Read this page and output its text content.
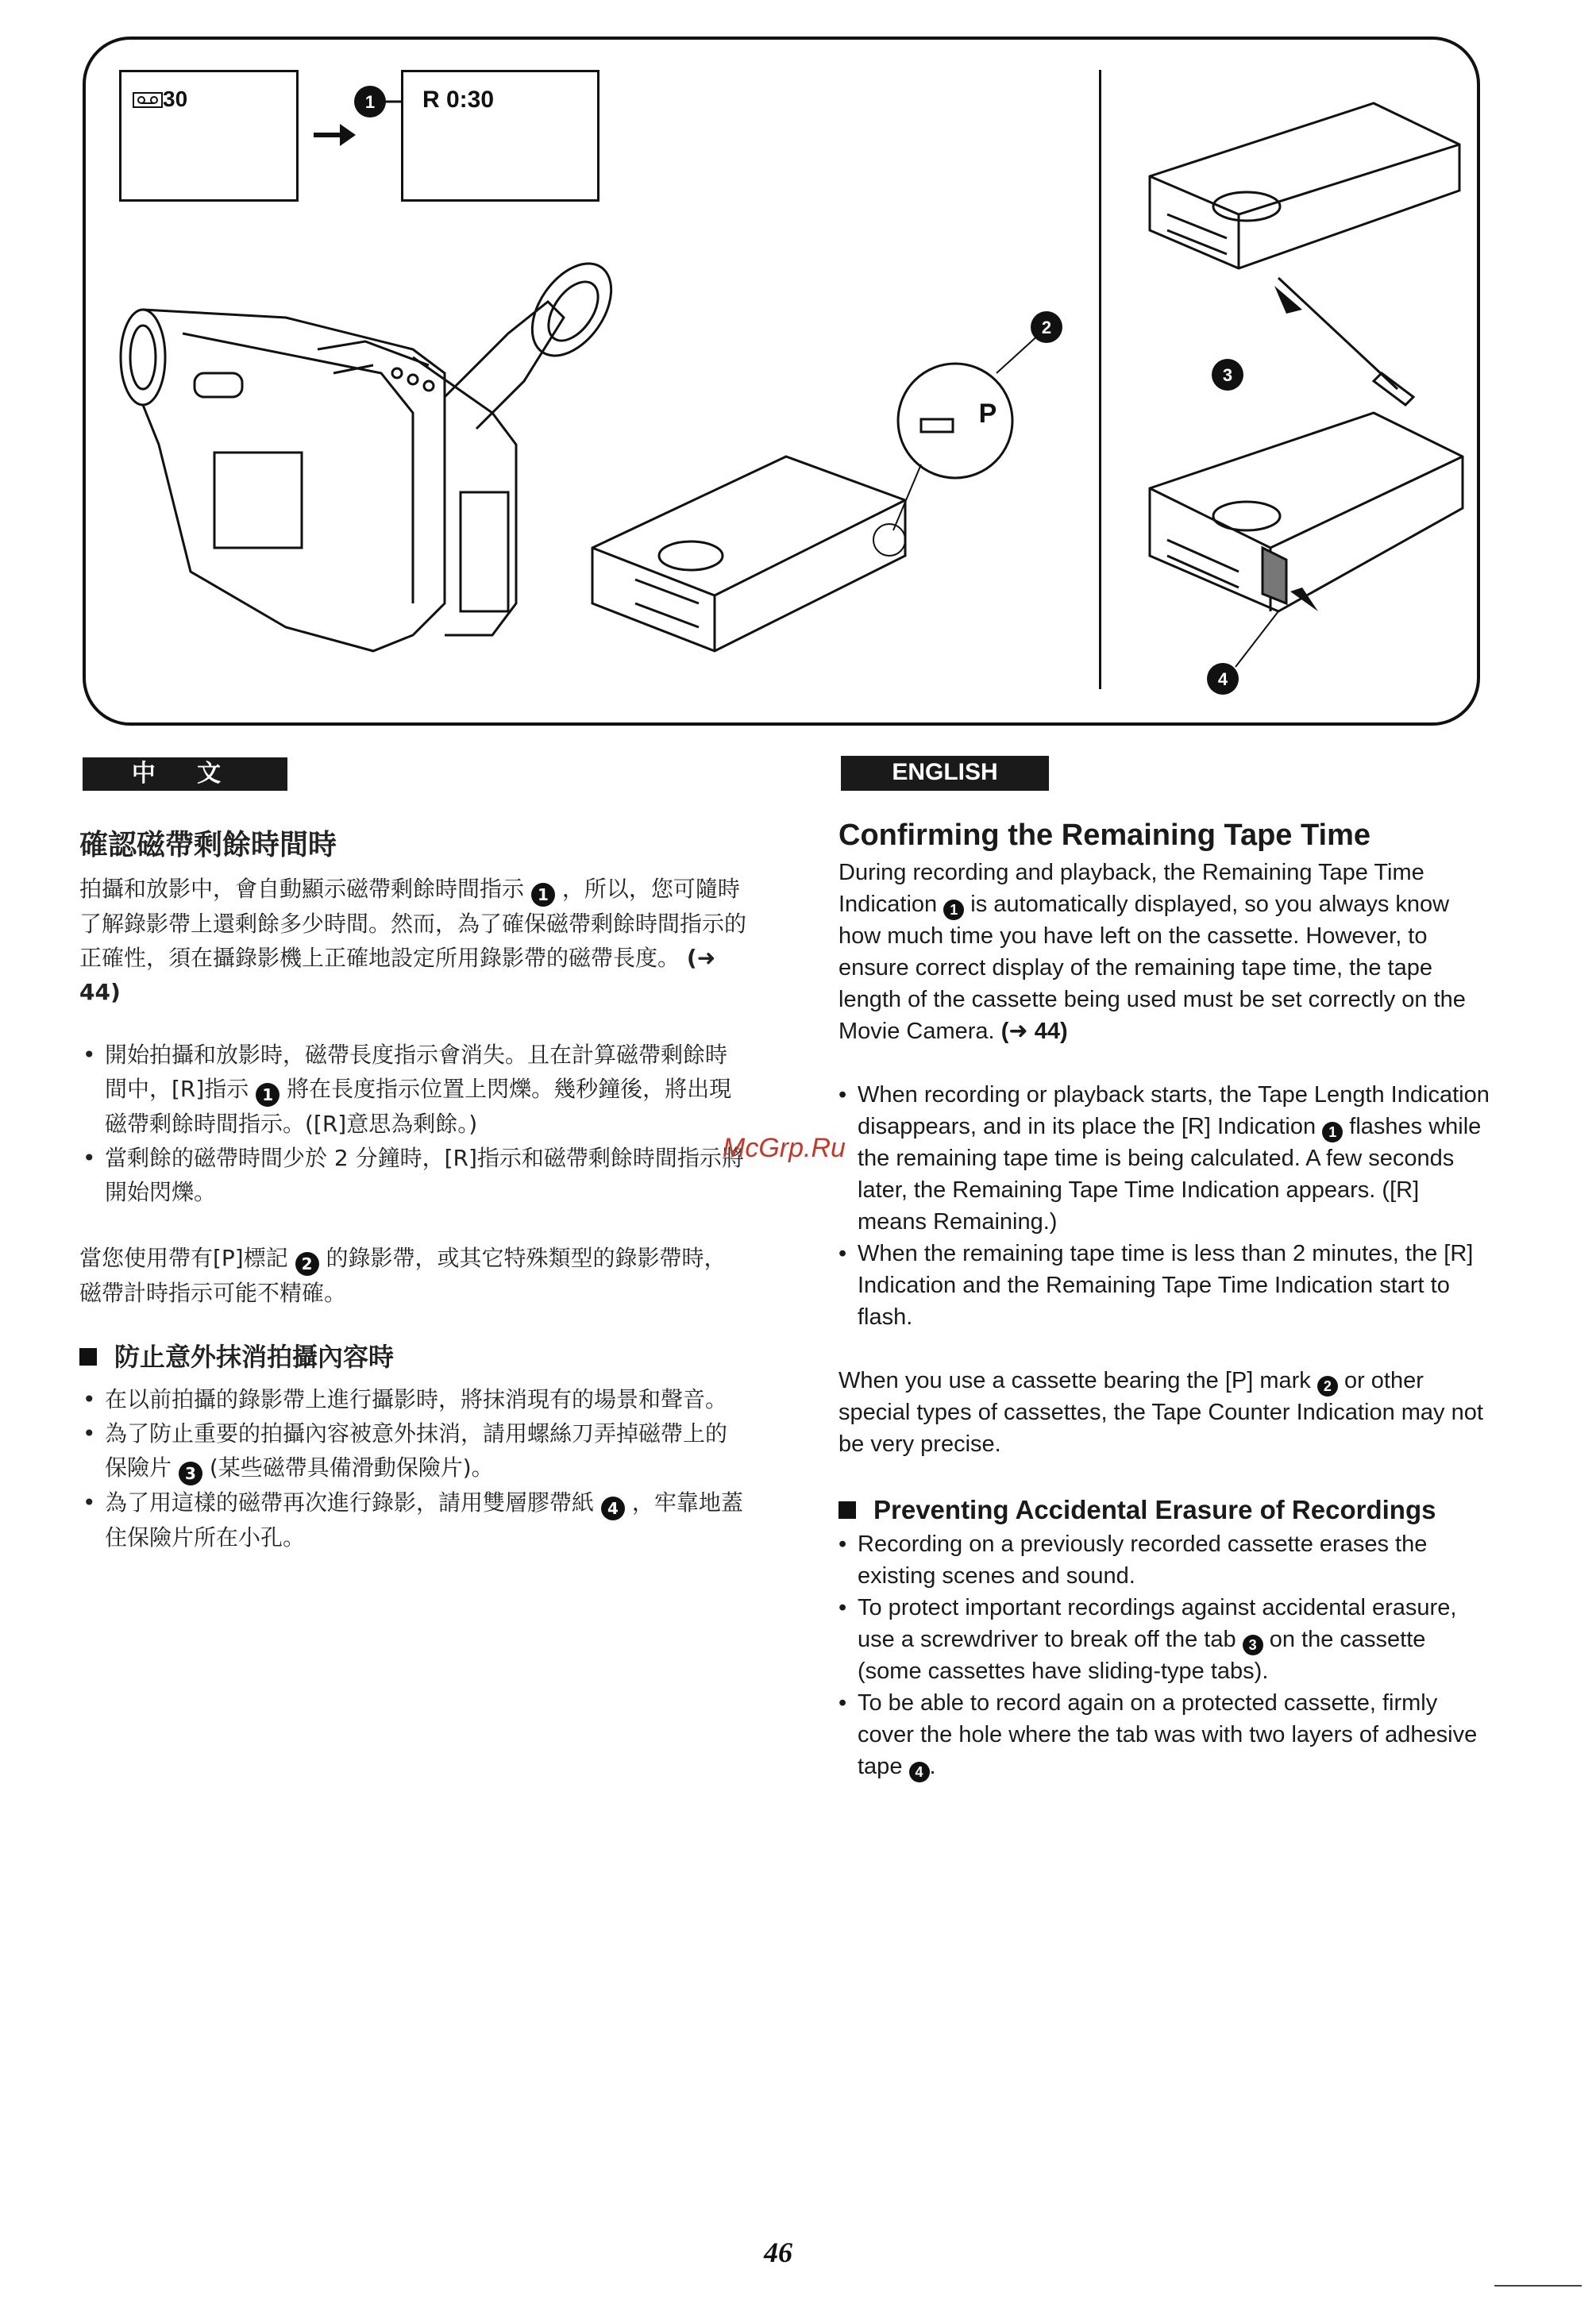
30	R 0:30
1
P
2
3
4
中 文	ENGLISH
確認磁帶剩餘時間時

拍攝和放影中，會自動顯示磁帶剩餘時間指示 1 ，所以，您可隨時了解錄影帶上還剩餘多少時間。然而，為了確保磁帶剩餘時間指示的正確性，須在攝錄影機上正確地設定所用錄影帶的磁帶長度。 (➜ 44)

• 開始拍攝和放影時，磁帶長度指示會消失。且在計算磁帶剩餘時間中，[R]指示 1 將在長度指示位置上閃爍。幾秒鐘後，將出現磁帶剩餘時間指示。([R]意思為剩餘。)
• 當剩餘的磁帶時間少於 2 分鐘時，[R]指示和磁帶剩餘時間指示將開始閃爍。

當您使用帶有[P]標記 2 的錄影帶，或其它特殊類型的錄影帶時，磁帶計時指示可能不精確。

防止意外抹消拍攝內容時
• 在以前拍攝的錄影帶上進行攝影時，將抹消現有的場景和聲音。
• 為了防止重要的拍攝內容被意外抹消，請用螺絲刀弄掉磁帶上的保險片 3 (某些磁帶具備滑動保險片)。
• 為了用這樣的磁帶再次進行錄影，請用雙層膠帶紙 4 ，牢靠地蓋住保險片所在小孔。
Confirming the Remaining Tape Time

During recording and playback, the Remaining Tape Time Indication 1 is automatically displayed, so you always know how much time you have left on the cassette. However, to ensure correct display of the remaining tape time, the tape length of the cassette being used must be set correctly on the Movie Camera. (➜ 44)

• When recording or playback starts, the Tape Length Indication disappears, and in its place the [R] Indication 1 flashes while the remaining tape time is being calculated. A few seconds later, the Remaining Tape Time Indication appears. ([R] means Remaining.)
• When the remaining tape time is less than 2 minutes, the [R] Indication and the Remaining Tape Time Indication start to flash.

When you use a cassette bearing the [P] mark 2 or other special types of cassettes, the Tape Counter Indication may not be very precise.

Preventing Accidental Erasure of Recordings
• Recording on a previously recorded cassette erases the existing scenes and sound.
• To protect important recordings against accidental erasure, use a screwdriver to break off the tab 3 on the cassette (some cassettes have sliding-type tabs).
• To be able to record again on a protected cassette, firmly cover the hole where the tab was with two layers of adhesive tape 4 .
McGrp.Ru
46
